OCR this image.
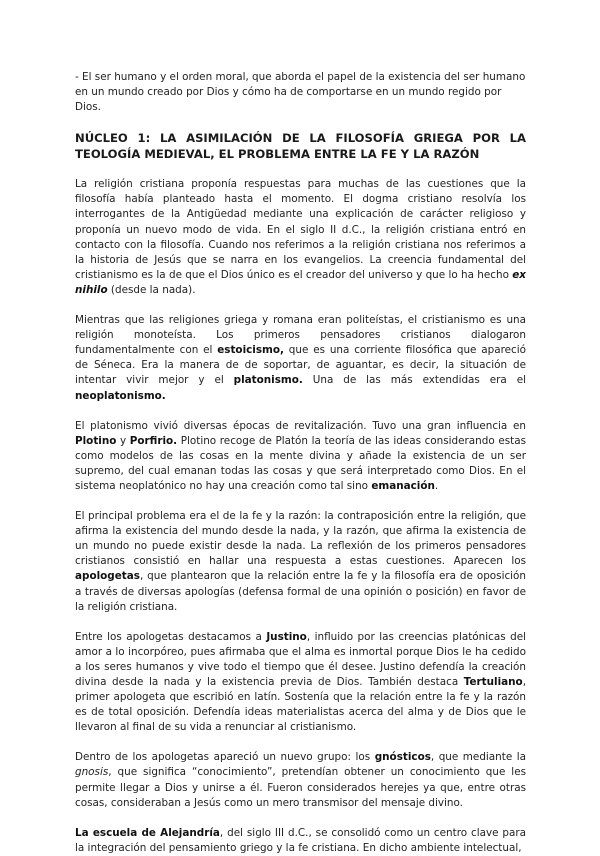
- El ser humano y el orden moral, que aborda el papel de la existencia del ser humano en un mundo creado por Dios y cómo ha de comportarse en un mundo regido por Dios.

NÚCLEO 1: LA ASIMILACIÓN DE LA FILOSOFÍA GRIEGA POR LA TEOLOGÍA MEDIEVAL, EL PROBLEMA ENTRE LA FE Y LA RAZÓN

La religión cristiana proponía respuestas para muchas de las cuestiones que la filosofía había planteado hasta el momento. El dogma cristiano resolvía los interrogantes de la Antigüedad mediante una explicación de carácter religioso y proponía un nuevo modo de vida. En el siglo II d.C., la religión cristiana entró en contacto con la filosofía. Cuando nos referimos a la religión cristiana nos referimos a la historia de Jesús que se narra en los evangelios. La creencia fundamental del cristianismo es la de que el Dios único es el creador del universo y que lo ha hecho ex nihilo (desde la nada).

Mientras que las religiones griega y romana eran politeístas, el cristianismo es una religión monoteísta. Los primeros pensadores cristianos dialogaron fundamentalmente con el estoicismo, que es una corriente filosófica que apareció de Séneca. Era la manera de de soportar, de aguantar, es decir, la situación de intentar vivir mejor y el platonismo. Una de las más extendidas era el neoplatonismo.

El platonismo vivió diversas épocas de revitalización. Tuvo una gran influencia en Plotino y Porfirio. Plotino recoge de Platón la teoría de las ideas considerando estas como modelos de las cosas en la mente divina y añade la existencia de un ser supremo, del cual emanan todas las cosas y que será interpretado como Dios. En el sistema neoplatónico no hay una creación como tal sino emanación.

El principal problema era el de la fe y la razón: la contraposición entre la religión, que afirma la existencia del mundo desde la nada, y la razón, que afirma la existencia de un mundo no puede existir desde la nada. La reflexión de los primeros pensadores cristianos consistió en hallar una respuesta a estas cuestiones. Aparecen los apologetas, que plantearon que la relación entre la fe y la filosofía era de oposición a través de diversas apologías (defensa formal de una opinión o posición) en favor de la religión cristiana.

Entre los apologetas destacamos a Justino, influido por las creencias platónicas del amor a lo incorpóreo, pues afirmaba que el alma es inmortal porque Dios le ha cedido a los seres humanos y vive todo el tiempo que él desee. Justino defendía la creación divina desde la nada y la existencia previa de Dios. También destaca Tertuliano, primer apologeta que escribió en latín. Sostenía que la relación entre la fe y la razón es de total oposición. Defendía ideas materialistas acerca del alma y de Dios que le llevaron al final de su vida a renunciar al cristianismo.

Dentro de los apologetas apareció un nuevo grupo: los gnósticos, que mediante la gnosis, que significa “conocimiento”, pretendían obtener un conocimiento que les permite llegar a Dios y unirse a él. Fueron considerados herejes ya que, entre otras cosas, consideraban a Jesús como un mero transmisor del mensaje divino.

La escuela de Alejandría, del siglo III d.C., se consolidó como un centro clave para la integración del pensamiento griego y la fe cristiana. En dicho ambiente intelectual,
